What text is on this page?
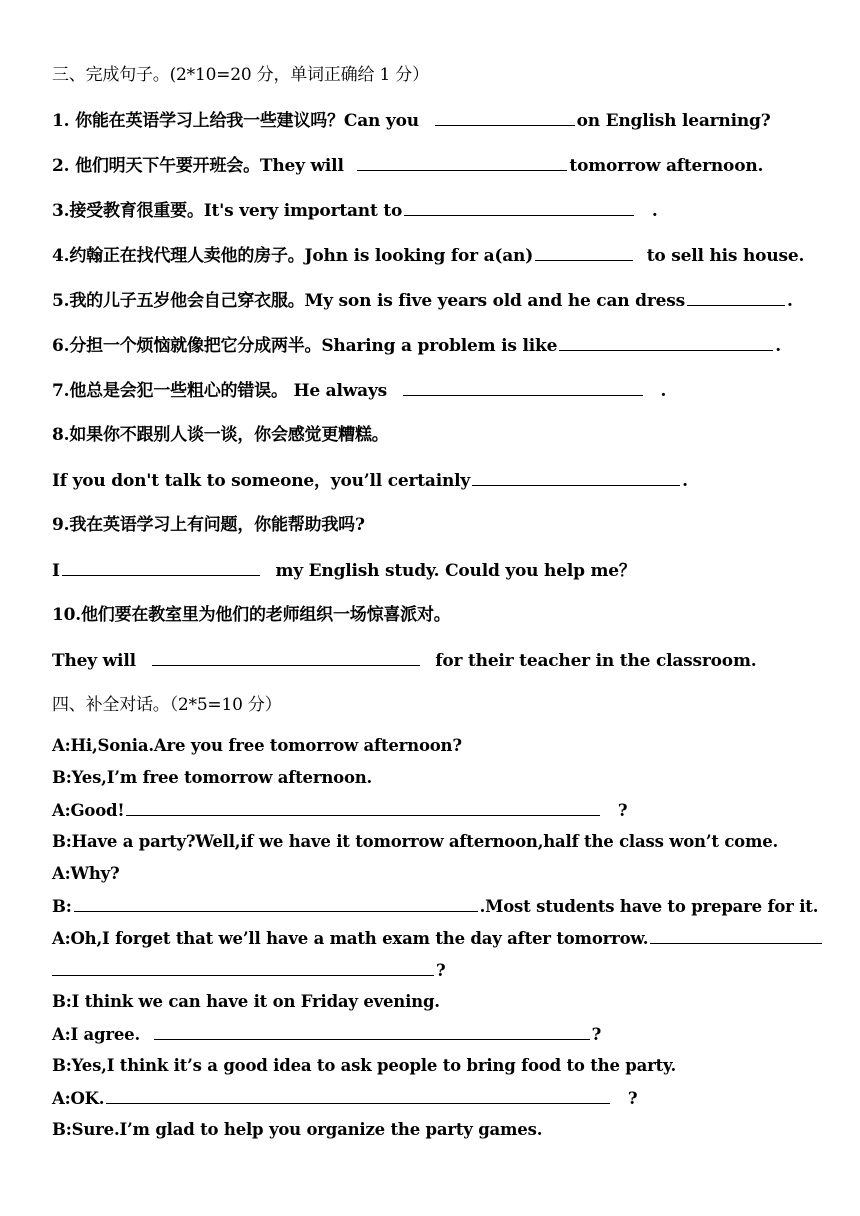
三、完成句子。(2*10=20 分，单词正确给 1 分）
1. 你能在英语学习上给我一些建议吗？Can you	on English learning?
2. 他们明天下午要开班会。They will	tomorrow afternoon.
3.接受教育很重要。It's very important to	.
4.约翰正在找代理人卖他的房子。John is looking for a(an)	to sell his house.
5.我的儿子五岁他会自己穿衣服。My son is five years old and he can dress	.
6.分担一个烦恼就像把它分成两半。Sharing a problem is like	.
7.他总是会犯一些粗心的错误。 He always	.
8.如果你不跟别人谈一谈，你会感觉更糟糕。
If you don't talk to someone，you’ll certainly	.
9.我在英语学习上有问题，你能帮助我吗?
I	my English study. Could you help me？
10.他们要在教室里为他们的老师组织一场惊喜派对。
They will	for their teacher in the classroom.
四、补全对话。（2*5=10 分）
A:Hi,Sonia.Are you free tomorrow afternoon?
B:Yes,I’m free tomorrow afternoon.
A:Good!	?
B:Have a party?Well,if we have it tomorrow afternoon,half the class won’t come.
A:Why?
B:	.Most students have to prepare for it.
A:Oh,I forget that we’ll have a math exam the day after tomorrow.
?
B:I think we can have it on Friday evening.
A:I agree.	?
B:Yes,I think it’s a good idea to ask people to bring food to the party.
A:OK.	?
B:Sure.I’m glad to help you organize the party games.
